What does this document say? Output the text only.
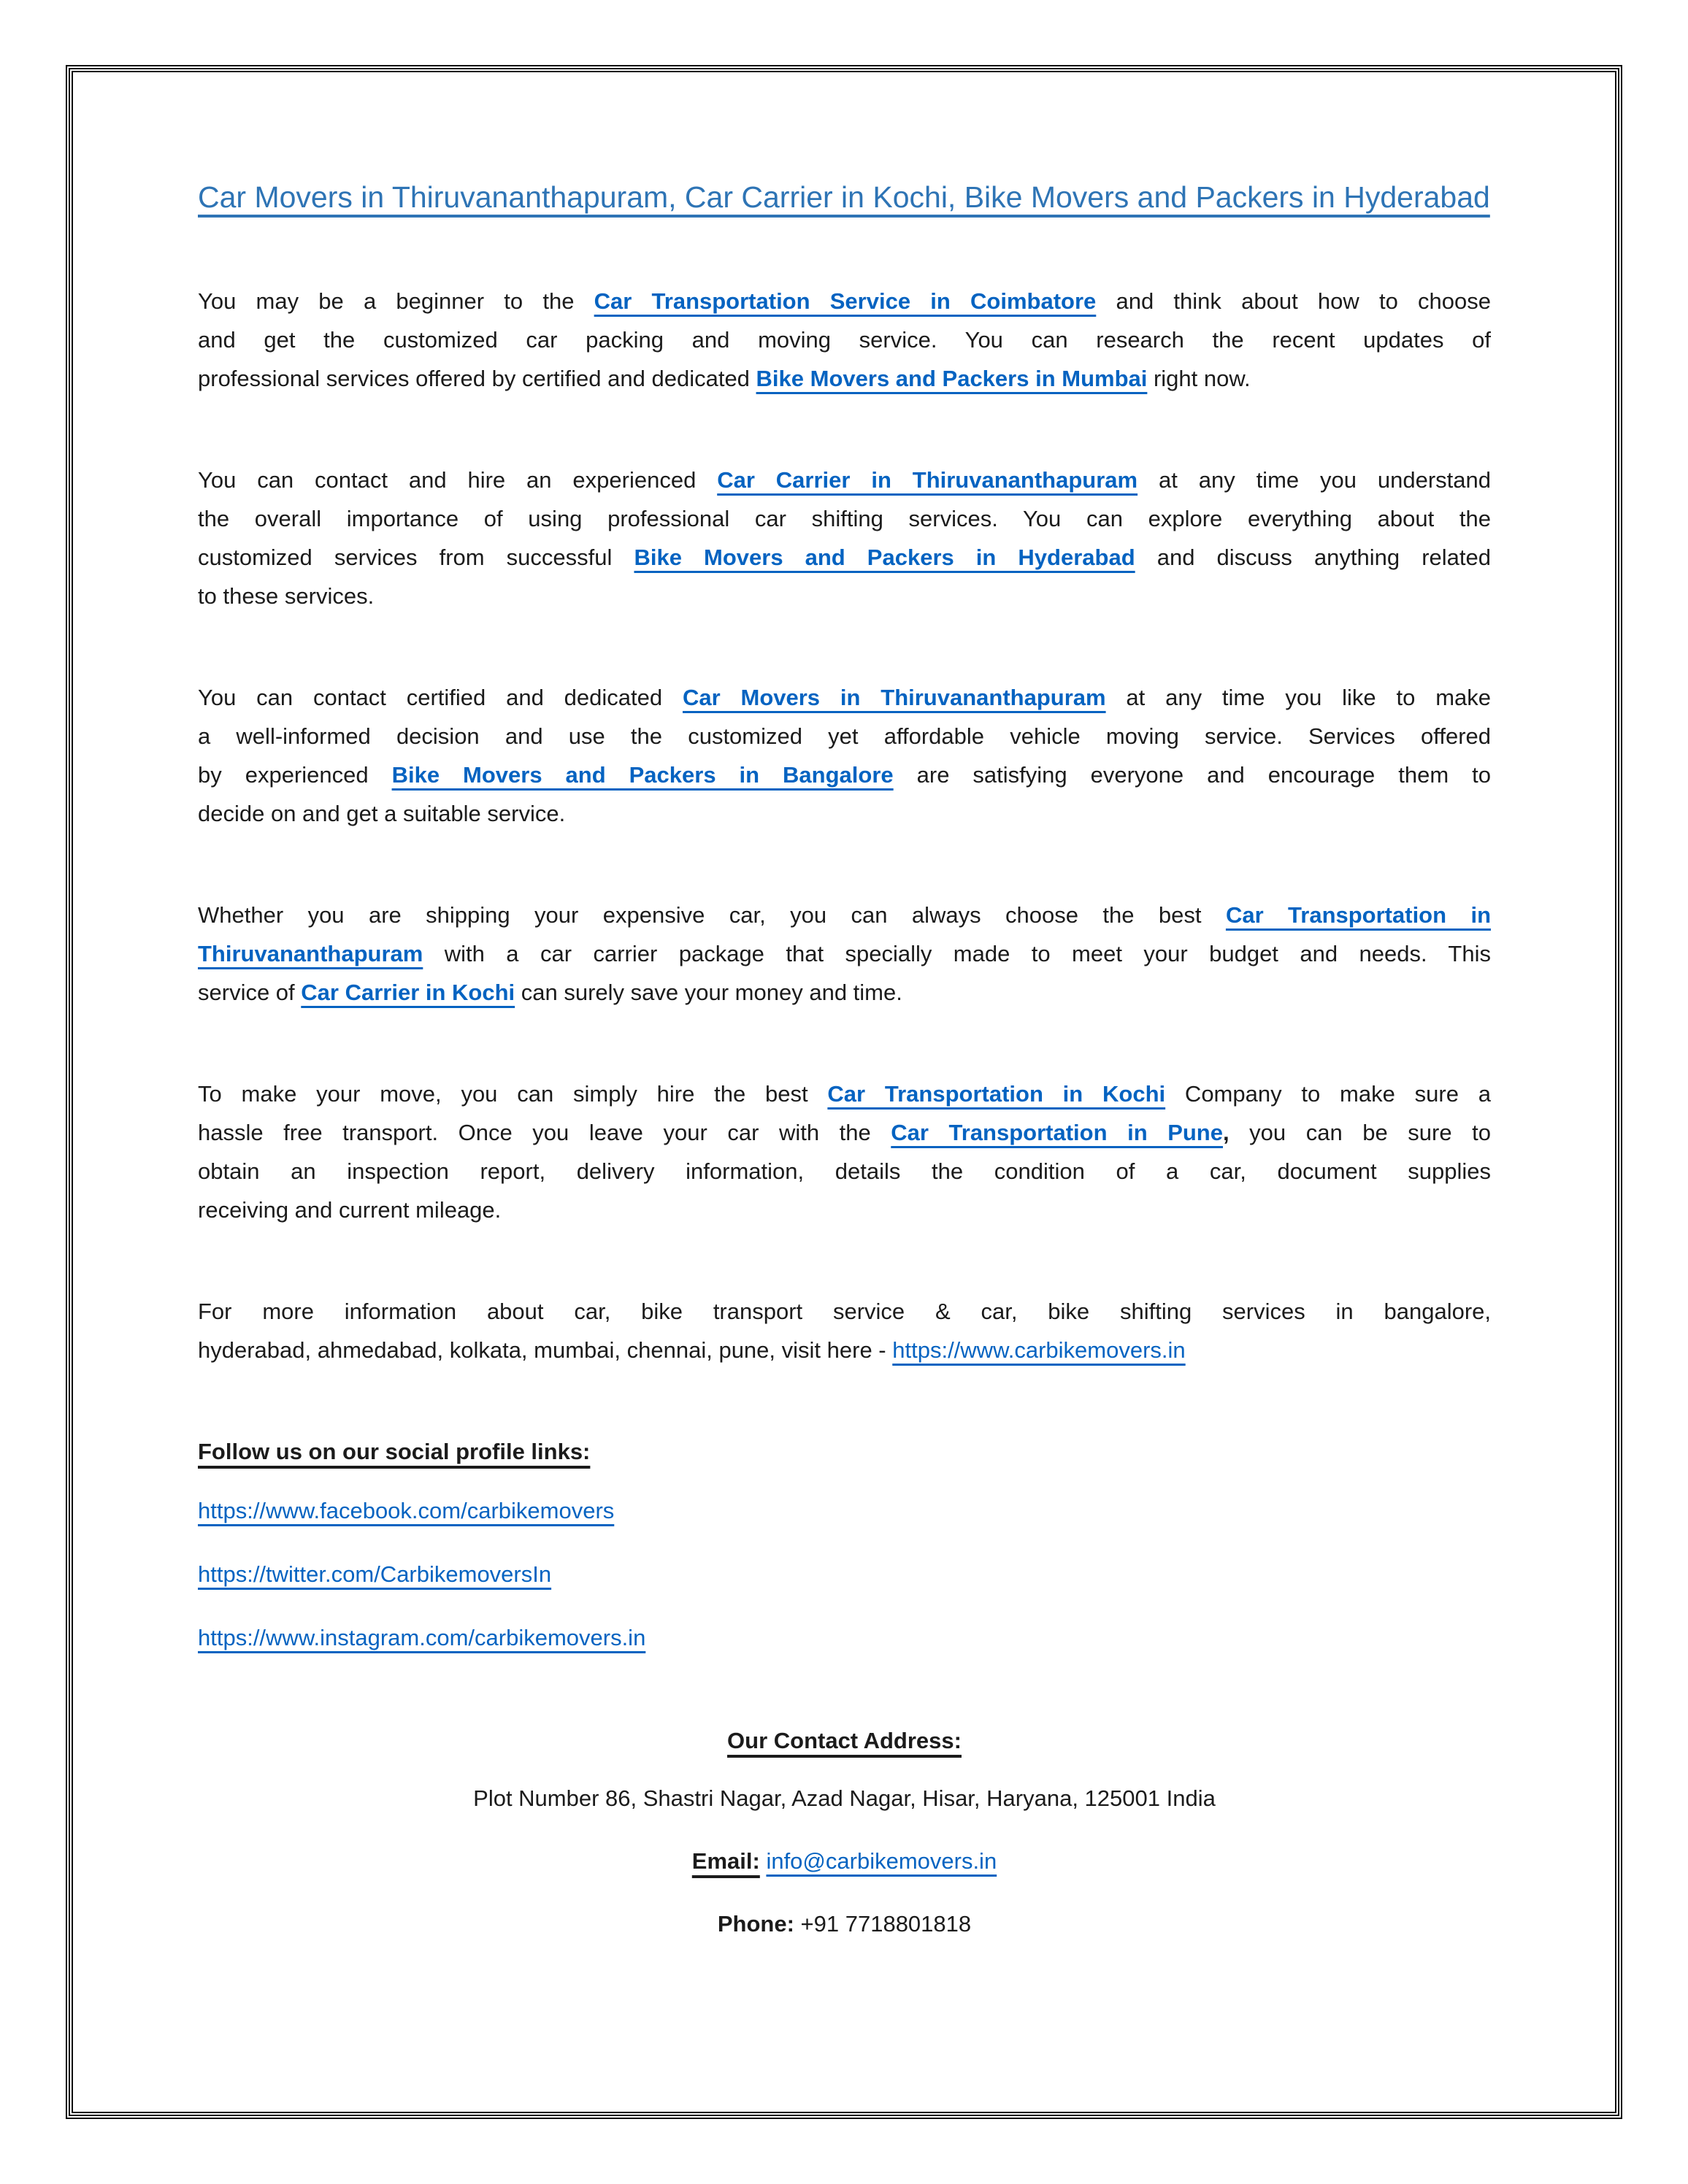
Car Movers in Thiruvananthapuram, Car Carrier in Kochi, Bike Movers and Packers in Hyderabad

You may be a beginner to the Car Transportation Service in Coimbatore and think about how to choose
and get the customized car packing and moving service. You can research the recent updates of
professional services offered by certified and dedicated Bike Movers and Packers in Mumbai right now.

You can contact and hire an experienced Car Carrier in Thiruvananthapuram at any time you understand
the overall importance of using professional car shifting services. You can explore everything about the
customized services from successful Bike Movers and Packers in Hyderabad and discuss anything related
to these services.

You can contact certified and dedicated Car Movers in Thiruvananthapuram at any time you like to make
a well-informed decision and use the customized yet affordable vehicle moving service. Services offered
by experienced Bike Movers and Packers in Bangalore are satisfying everyone and encourage them to
decide on and get a suitable service.

Whether you are shipping your expensive car, you can always choose the best Car Transportation in
Thiruvananthapuram with a car carrier package that specially made to meet your budget and needs. This
service of Car Carrier in Kochi can surely save your money and time.

To make your move, you can simply hire the best Car Transportation in Kochi Company to make sure a
hassle free transport. Once you leave your car with the Car Transportation in Pune, you can be sure to
obtain an inspection report, delivery information, details the condition of a car, document supplies
receiving and current mileage.

For more information about car, bike transport service & car, bike shifting services in bangalore,
hyderabad, ahmedabad, kolkata, mumbai, chennai, pune, visit here - https://www.carbikemovers.in

Follow us on our social profile links:

https://www.facebook.com/carbikemovers

https://twitter.com/CarbikemoversIn

https://www.instagram.com/carbikemovers.in

Our Contact Address:

Plot Number 86, Shastri Nagar, Azad Nagar, Hisar, Haryana, 125001 India

Email: info@carbikemovers.in

Phone: +91 7718801818
